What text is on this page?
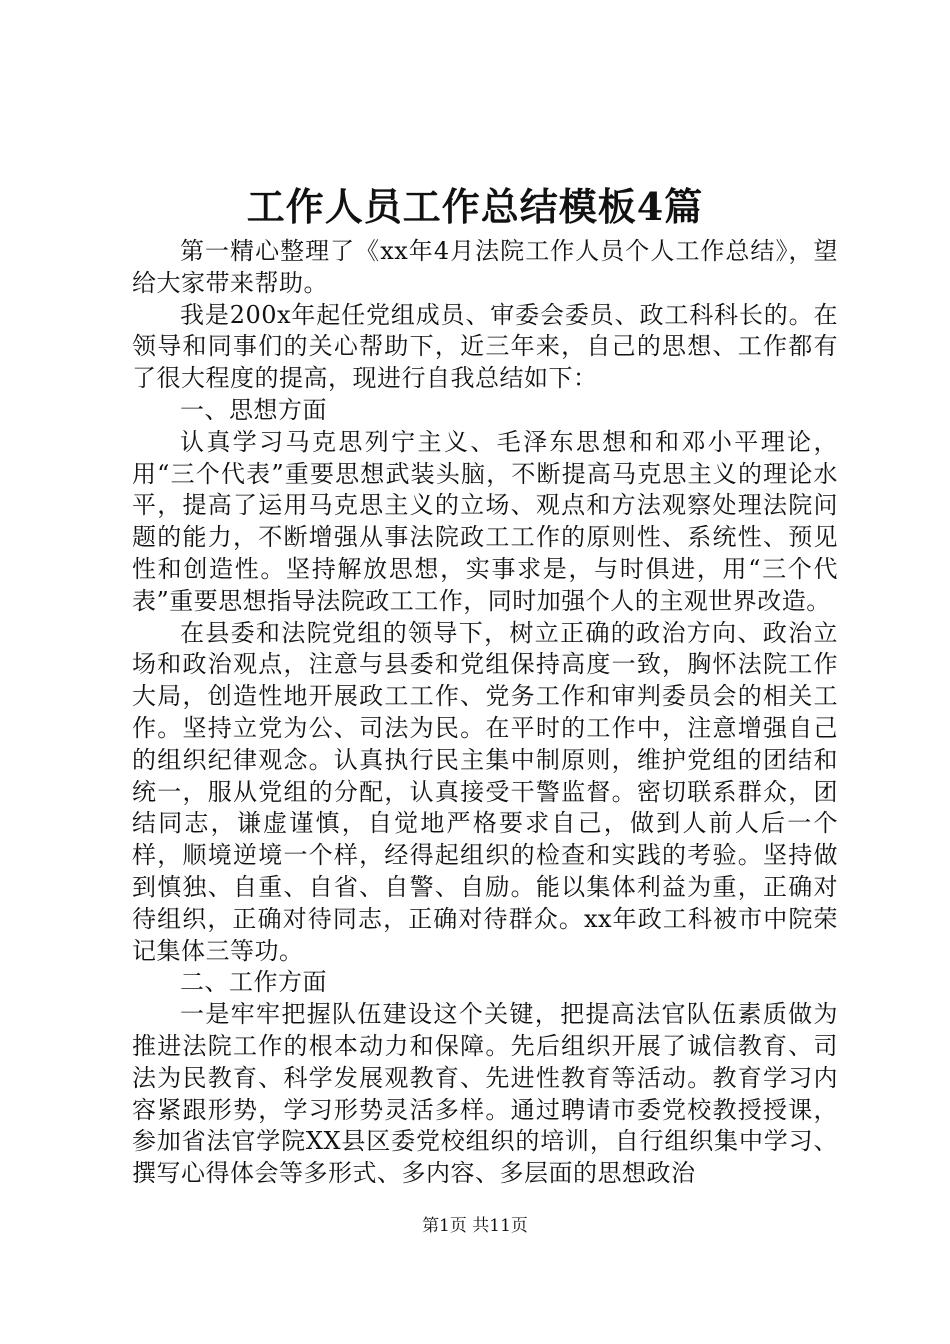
工作人员工作总结模板4篇

第一精心整理了《xx年4月法院工作人员个人工作总结》，望给大家带来帮助。

我是200x年起任党组成员、审委会委员、政工科科长的。在领导和同事们的关心帮助下，近三年来，自己的思想、工作都有了很大程度的提高，现进行自我总结如下：

一、思想方面

认真学习马克思列宁主义、毛泽东思想和和邓小平理论，用“三个代表”重要思想武装头脑，不断提高马克思主义的理论水平，提高了运用马克思主义的立场、观点和方法观察处理法院问题的能力，不断增强从事法院政工工作的原则性、系统性、预见性和创造性。坚持解放思想，实事求是，与时俱进，用“三个代表”重要思想指导法院政工工作，同时加强个人的主观世界改造。

在县委和法院党组的领导下，树立正确的政治方向、政治立场和政治观点，注意与县委和党组保持高度一致，胸怀法院工作大局，创造性地开展政工工作、党务工作和审判委员会的相关工作。坚持立党为公、司法为民。在平时的工作中，注意增强自己的组织纪律观念。认真执行民主集中制原则，维护党组的团结和统一，服从党组的分配，认真接受干警监督。密切联系群众，团结同志，谦虚谨慎，自觉地严格要求自己，做到人前人后一个样，顺境逆境一个样，经得起组织的检查和实践的考验。坚持做到慎独、自重、自省、自警、自励。能以集体利益为重，正确对待组织，正确对待同志，正确对待群众。xx年政工科被市中院荣记集体三等功。

二、工作方面

一是牢牢把握队伍建设这个关键，把提高法官队伍素质做为推进法院工作的根本动力和保障。先后组织开展了诚信教育、司法为民教育、科学发展观教育、先进性教育等活动。教育学习内容紧跟形势，学习形势灵活多样。通过聘请市委党校教授授课，参加省法官学院XX县区委党校组织的培训，自行组织集中学习、撰写心得体会等多形式、多内容、多层面的思想政治

第1页 共11页
